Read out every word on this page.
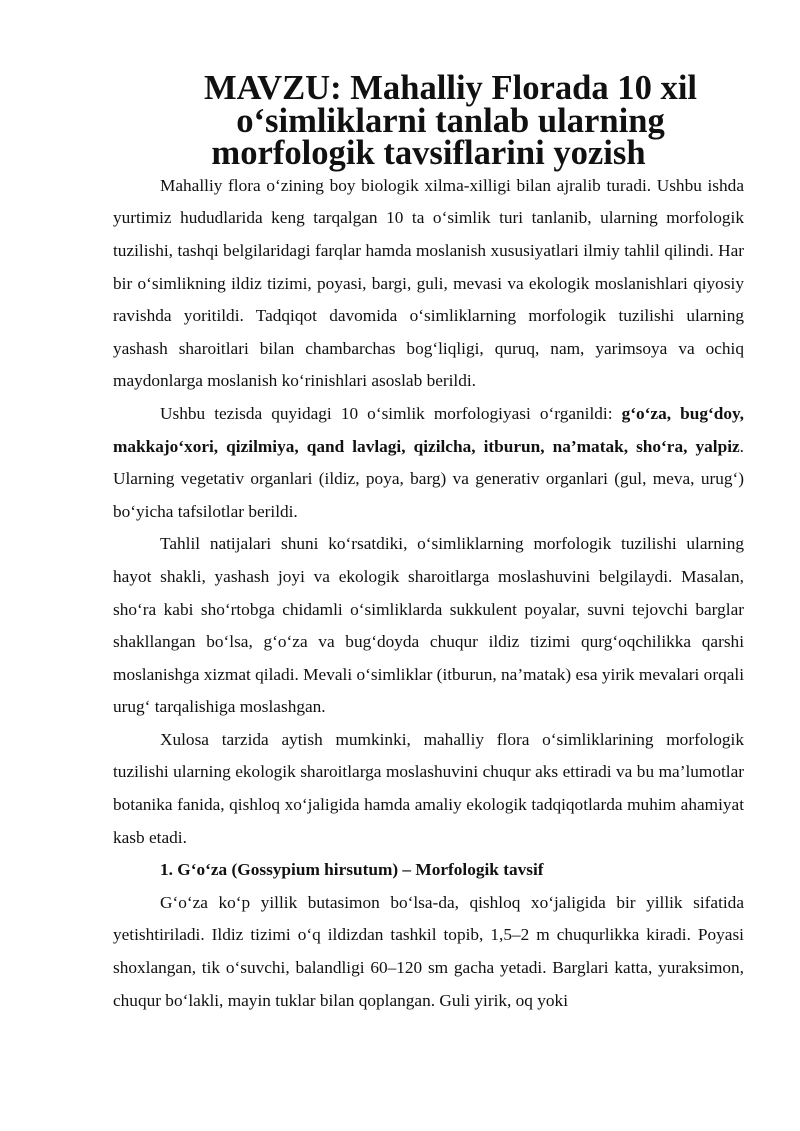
MAVZU: Mahalliy Florada 10 xil o‘simliklarni tanlab ularning
morfologik tavsiflarini yozish

Mahalliy flora o‘zining boy biologik xilma-xilligi bilan ajralib turadi. Ushbu ishda yurtimiz hududlarida keng tarqalgan 10 ta o‘simlik turi tanlanib, ularning morfologik tuzilishi, tashqi belgilaridagi farqlar hamda moslanish xususiyatlari ilmiy tahlil qilindi. Har bir o‘simlikning ildiz tizimi, poyasi, bargi, guli, mevasi va ekologik moslanishlari qiyosiy ravishda yoritildi. Tadqiqot davomida o‘simliklarning morfologik tuzilishi ularning yashash sharoitlari bilan chambarchas bog‘liqligi, quruq, nam, yarimsoya va ochiq maydonlarga moslanish ko‘rinishlari asoslab berildi.

Ushbu tezisda quyidagi 10 o‘simlik morfologiyasi o‘rganildi: g‘o‘za, bug‘doy, makkajo‘xori, qizilmiya, qand lavlagi, qizilcha, itburun, na’matak, sho‘ra, yalpiz. Ularning vegetativ organlari (ildiz, poya, barg) va generativ organlari (gul, meva, urug‘) bo‘yicha tafsilotlar berildi.

Tahlil natijalari shuni ko‘rsatdiki, o‘simliklarning morfologik tuzilishi ularning hayot shakli, yashash joyi va ekologik sharoitlarga moslashuvini belgilaydi. Masalan, sho‘ra kabi sho‘rtobga chidamli o‘simliklarda sukkulent poyalar, suvni tejovchi barglar shakllangan bo‘lsa, g‘o‘za va bug‘doyda chuqur ildiz tizimi qurg‘oqchilikka qarshi moslanishga xizmat qiladi. Mevali o‘simliklar (itburun, na’matak) esa yirik mevalari orqali urug‘ tarqalishiga moslashgan.

Xulosa tarzida aytish mumkinki, mahalliy flora o‘simliklarining morfologik tuzilishi ularning ekologik sharoitlarga moslashuvini chuqur aks ettiradi va bu ma’lumotlar botanika fanida, qishloq xo‘jaligida hamda amaliy ekologik tadqiqotlarda muhim ahamiyat kasb etadi.

1. G‘o‘za (Gossypium hirsutum) – Morfologik tavsif

G‘o‘za ko‘p yillik butasimon bo‘lsa-da, qishloq xo‘jaligida bir yillik sifatida yetishtiriladi. Ildiz tizimi o‘q ildizdan tashkil topib, 1,5–2 m chuqurlikka kiradi. Poyasi shoxlangan, tik o‘suvchi, balandligi 60–120 sm gacha yetadi. Barglari katta, yuraksimon, chuqur bo‘lakli, mayin tuklar bilan qoplangan. Guli yirik, oq yoki
